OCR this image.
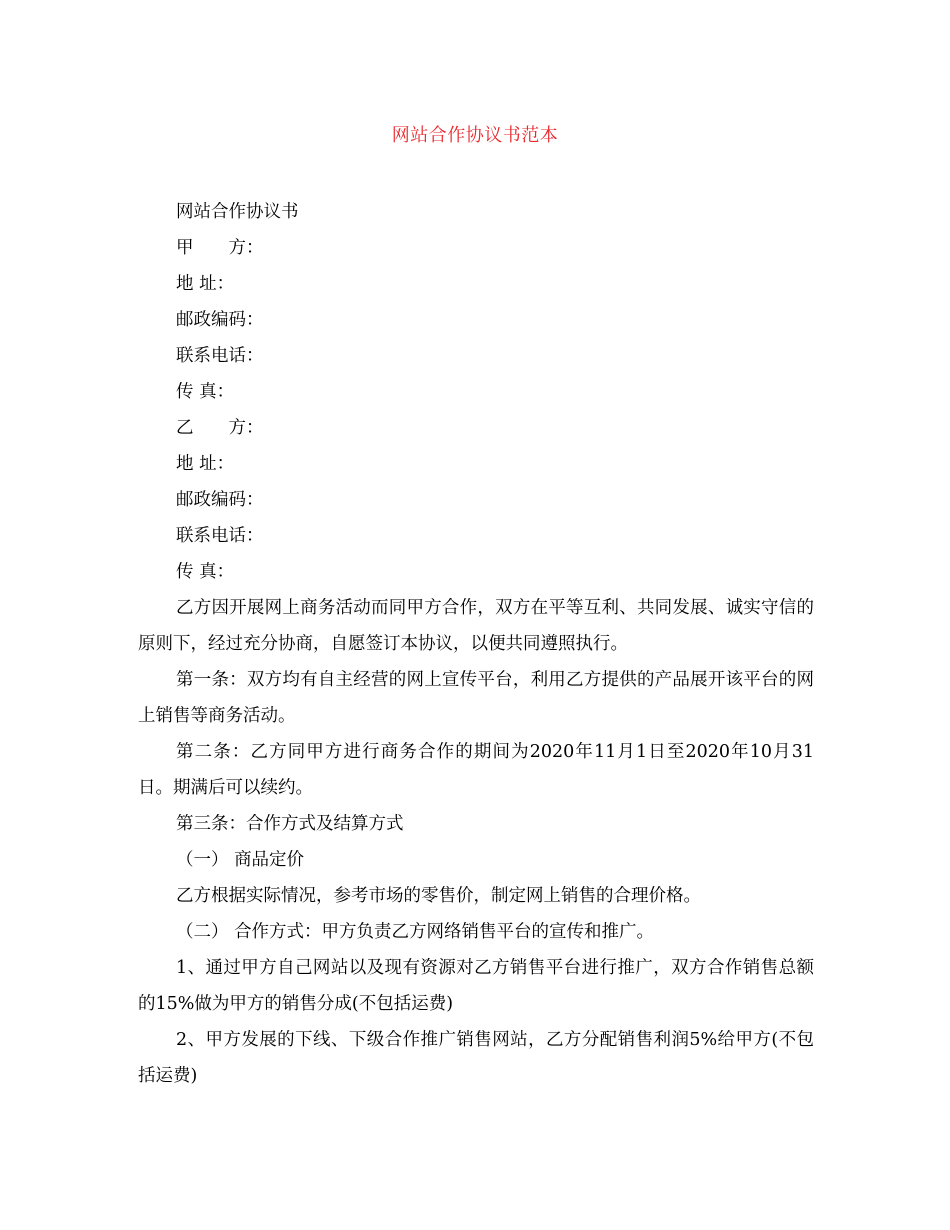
网站合作协议书范本

网站合作协议书

甲　　方：

地 址：

邮政编码：

联系电话：

传 真：

乙　　方：

地 址：

邮政编码：

联系电话：

传 真：

乙方因开展网上商务活动而同甲方合作，双方在平等互利、共同发展、诚实守信的原则下，经过充分协商，自愿签订本协议，以便共同遵照执行。

第一条：双方均有自主经营的网上宣传平台，利用乙方提供的产品展开该平台的网上销售等商务活动。

第二条：乙方同甲方进行商务合作的期间为2020年11月1日至2020年10月31日。期满后可以续约。

第三条：合作方式及结算方式

（一） 商品定价

乙方根据实际情况，参考市场的零售价，制定网上销售的合理价格。

（二） 合作方式：甲方负责乙方网络销售平台的宣传和推广。

1、通过甲方自己网站以及现有资源对乙方销售平台进行推广，双方合作销售总额的15%做为甲方的销售分成(不包括运费)

2、甲方发展的下线、下级合作推广销售网站，乙方分配销售利润5%给甲方(不包括运费)
